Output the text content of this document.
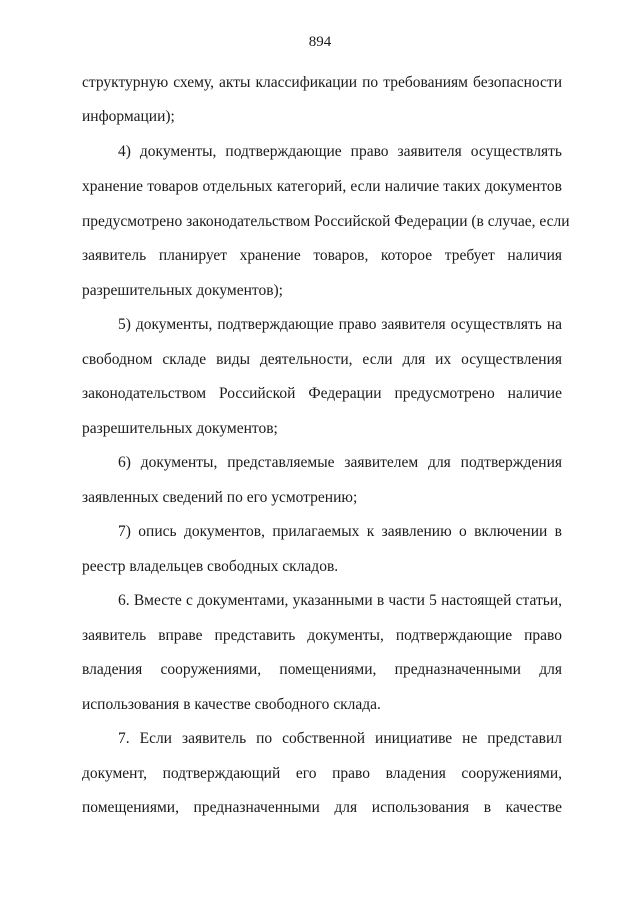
894
структурную схему, акты классификации по требованиям безопасности
информации);
4) документы, подтверждающие право заявителя осуществлять
хранение товаров отдельных категорий, если наличие таких документов
предусмотрено законодательством Российской Федерации (в случае, если
заявитель планирует хранение товаров, которое требует наличия
разрешительных документов);
5) документы, подтверждающие право заявителя осуществлять на
свободном складе виды деятельности, если для их осуществления
законодательством Российской Федерации предусмотрено наличие
разрешительных документов;
6) документы, представляемые заявителем для подтверждения
заявленных сведений по его усмотрению;
7) опись документов, прилагаемых к заявлению о включении в
реестр владельцев свободных складов.
6. Вместе с документами, указанными в части 5 настоящей статьи,
заявитель вправе представить документы, подтверждающие право
владения сооружениями, помещениями, предназначенными для
использования в качестве свободного склада.
7. Если заявитель по собственной инициативе не представил
документ, подтверждающий его право владения сооружениями,
помещениями, предназначенными для использования в качестве
